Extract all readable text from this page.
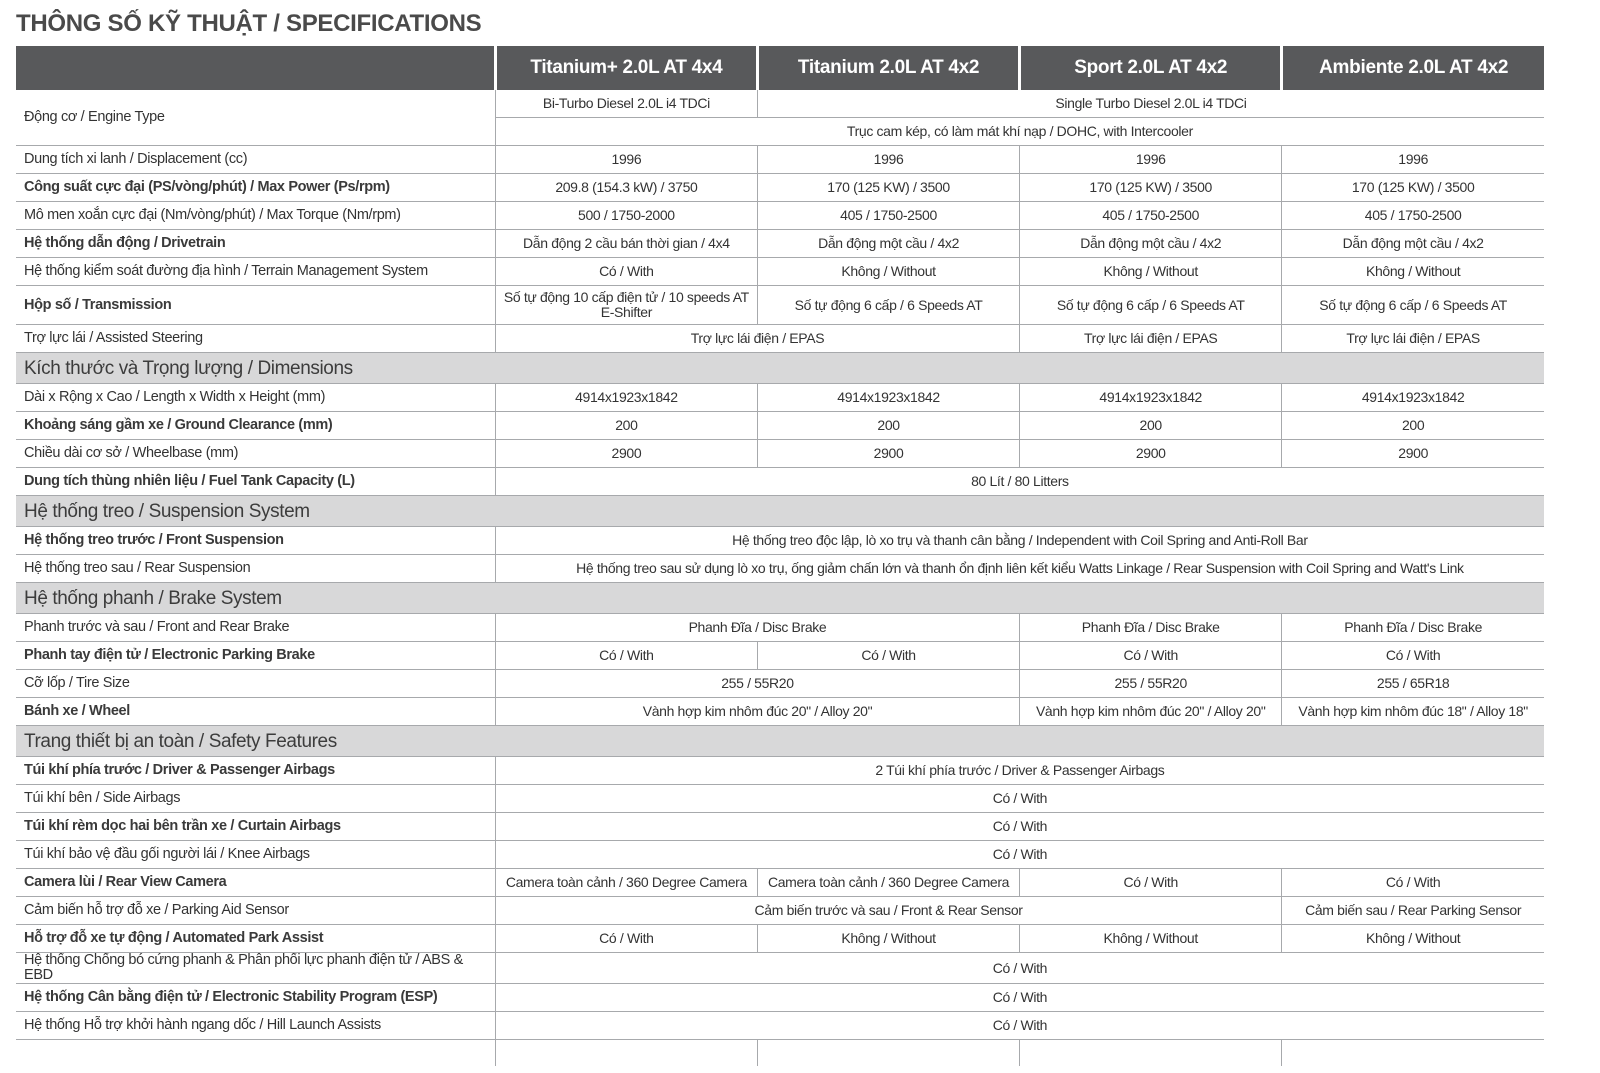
THÔNG SỐ KỸ THUẬT / SPECIFICATIONS
	Titanium+ 2.0L AT 4x4	Titanium 2.0L AT 4x2	Sport 2.0L AT 4x2	Ambiente 2.0L AT 4x2
Động cơ / Engine Type	Bi-Turbo Diesel 2.0L i4 TDCi	Single Turbo Diesel 2.0L i4 TDCi		
	Trục cam kép, có làm mát khí nạp / DOHC, with Intercooler			
Dung tích xi lanh / Displacement (cc)	1996	1996	1996	1996
Công suất cực đại (PS/vòng/phút) / Max Power (Ps/rpm)	209.8 (154.3 kW) / 3750	170 (125 KW) / 3500	170 (125 KW) / 3500	170 (125 KW) / 3500
Mô men xoắn cực đại (Nm/vòng/phút) / Max Torque (Nm/rpm)	500 / 1750-2000	405 / 1750-2500	405 / 1750-2500	405 / 1750-2500
Hệ thống dẫn động / Drivetrain	Dẫn động 2 cầu bán thời gian / 4x4	Dẫn động một cầu / 4x2	Dẫn động một cầu / 4x2	Dẫn động một cầu / 4x2
Hệ thống kiểm soát đường địa hình / Terrain Management System	Có / With	Không / Without	Không / Without	Không / Without
Hộp số / Transmission	Số tự động 10 cấp điện tử / 10 speeds AT E-Shifter	Số tự động 6 cấp / 6 Speeds AT	Số tự động 6 cấp / 6 Speeds AT	Số tự động 6 cấp / 6 Speeds AT
Trợ lực lái / Assisted Steering	Trợ lực lái điện / EPAS		Trợ lực lái điện / EPAS	Trợ lực lái điện / EPAS
Kích thước và Trọng lượng / Dimensions				
Dài x Rộng x Cao / Length x Width x Height (mm)	4914x1923x1842	4914x1923x1842	4914x1923x1842	4914x1923x1842
Khoảng sáng gầm xe / Ground Clearance (mm)	200	200	200	200
Chiều dài cơ sở / Wheelbase (mm)	2900	2900	2900	2900
Dung tích thùng nhiên liệu / Fuel Tank Capacity (L)	80 Lít / 80 Litters			
Hệ thống treo / Suspension System				
Hệ thống treo trước / Front Suspension	Hệ thống treo độc lập, lò xo trụ và thanh cân bằng / Independent with Coil Spring and Anti-Roll Bar			
Hệ thống treo sau / Rear Suspension	Hệ thống treo sau sử dụng lò xo trụ, ống giảm chấn lớn và thanh ổn định liên kết kiểu Watts Linkage / Rear Suspension with Coil Spring and Watt's Link			
Hệ thống phanh / Brake System				
Phanh trước và sau / Front and Rear Brake	Phanh Đĩa / Disc Brake		Phanh Đĩa / Disc Brake	Phanh Đĩa / Disc Brake
Phanh tay điện tử / Electronic Parking Brake	Có / With	Có / With	Có / With	Có / With
Cỡ lốp / Tire Size	255 / 55R20		255 / 55R20	255 / 65R18
Bánh xe / Wheel	Vành hợp kim nhôm đúc 20" / Alloy 20"		Vành hợp kim nhôm đúc 20" / Alloy 20"	Vành hợp kim nhôm đúc 18" / Alloy 18"
Trang thiết bị an toàn / Safety Features				
Túi khí phía trước / Driver & Passenger Airbags	2 Túi khí phía trước / Driver & Passenger Airbags			
Túi khí bên / Side Airbags	Có / With			
Túi khí rèm dọc hai bên trần xe / Curtain Airbags	Có / With			
Túi khí bảo vệ đầu gối người lái / Knee Airbags	Có / With			
Camera lùi / Rear View Camera	Camera toàn cảnh / 360 Degree Camera	Camera toàn cảnh / 360 Degree Camera	Có / With	Có / With
Cảm biến hỗ trợ đỗ xe / Parking Aid Sensor	Cảm biến trước và sau / Front & Rear Sensor			Cảm biến sau / Rear Parking Sensor
Hỗ trợ đỗ xe tự động / Automated Park Assist	Có / With	Không / Without	Không / Without	Không / Without
Hệ thống Chống bó cứng phanh & Phân phối lực phanh điện tử / ABS & EBD	Có / With			
Hệ thống Cân bằng điện tử / Electronic Stability Program (ESP)	Có / With			
Hệ thống Hỗ trợ khởi hành ngang dốc / Hill Launch Assists	Có / With			
